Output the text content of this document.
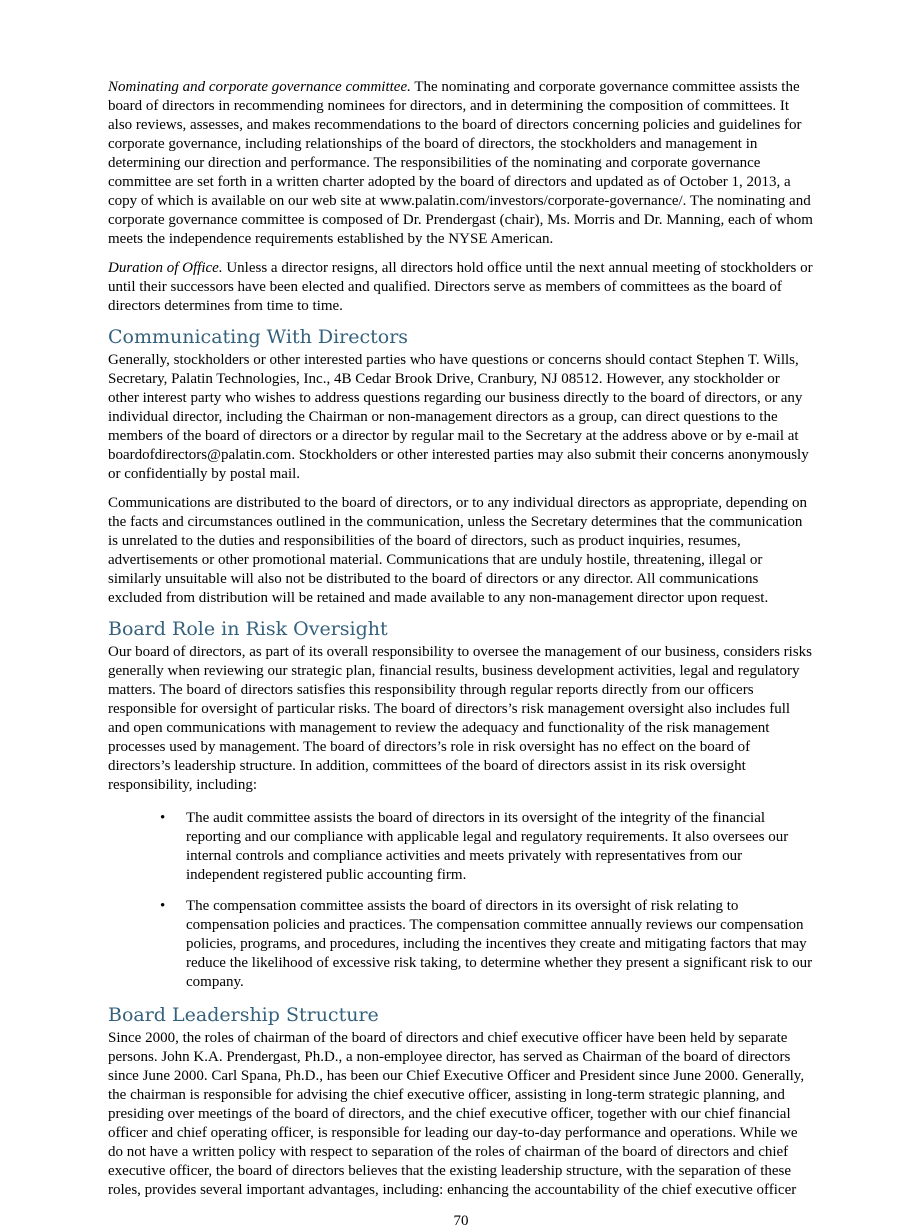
Nominating and corporate governance committee. The nominating and corporate governance committee assists the board of directors in recommending nominees for directors, and in determining the composition of committees. It also reviews, assesses, and makes recommendations to the board of directors concerning policies and guidelines for corporate governance, including relationships of the board of directors, the stockholders and management in determining our direction and performance. The responsibilities of the nominating and corporate governance committee are set forth in a written charter adopted by the board of directors and updated as of October 1, 2013, a copy of which is available on our web site at www.palatin.com/investors/corporate-governance/. The nominating and corporate governance committee is composed of Dr. Prendergast (chair), Ms. Morris and Dr. Manning, each of whom meets the independence requirements established by the NYSE American.

Duration of Office. Unless a director resigns, all directors hold office until the next annual meeting of stockholders or until their successors have been elected and qualified. Directors serve as members of committees as the board of directors determines from time to time.

Communicating With Directors

Generally, stockholders or other interested parties who have questions or concerns should contact Stephen T. Wills, Secretary, Palatin Technologies, Inc., 4B Cedar Brook Drive, Cranbury, NJ 08512. However, any stockholder or other interest party who wishes to address questions regarding our business directly to the board of directors, or any individual director, including the Chairman or non-management directors as a group, can direct questions to the members of the board of directors or a director by regular mail to the Secretary at the address above or by e-mail at boardofdirectors@palatin.com. Stockholders or other interested parties may also submit their concerns anonymously or confidentially by postal mail.

Communications are distributed to the board of directors, or to any individual directors as appropriate, depending on the facts and circumstances outlined in the communication, unless the Secretary determines that the communication is unrelated to the duties and responsibilities of the board of directors, such as product inquiries, resumes, advertisements or other promotional material. Communications that are unduly hostile, threatening, illegal or similarly unsuitable will also not be distributed to the board of directors or any director. All communications excluded from distribution will be retained and made available to any non-management director upon request.

Board Role in Risk Oversight

Our board of directors, as part of its overall responsibility to oversee the management of our business, considers risks generally when reviewing our strategic plan, financial results, business development activities, legal and regulatory matters. The board of directors satisfies this responsibility through regular reports directly from our officers responsible for oversight of particular risks. The board of directors’s risk management oversight also includes full and open communications with management to review the adequacy and functionality of the risk management processes used by management. The board of directors’s role in risk oversight has no effect on the board of directors’s leadership structure. In addition, committees of the board of directors assist in its risk oversight responsibility, including:

• The audit committee assists the board of directors in its oversight of the integrity of the financial reporting and our compliance with applicable legal and regulatory requirements. It also oversees our internal controls and compliance activities and meets privately with representatives from our independent registered public accounting firm.
• The compensation committee assists the board of directors in its oversight of risk relating to compensation policies and practices. The compensation committee annually reviews our compensation policies, programs, and procedures, including the incentives they create and mitigating factors that may reduce the likelihood of excessive risk taking, to determine whether they present a significant risk to our company.
Board Leadership Structure

Since 2000, the roles of chairman of the board of directors and chief executive officer have been held by separate persons. John K.A. Prendergast, Ph.D., a non-employee director, has served as Chairman of the board of directors since June 2000. Carl Spana, Ph.D., has been our Chief Executive Officer and President since June 2000. Generally, the chairman is responsible for advising the chief executive officer, assisting in long-term strategic planning, and presiding over meetings of the board of directors, and the chief executive officer, together with our chief financial officer and chief operating officer, is responsible for leading our day-to-day performance and operations. While we do not have a written policy with respect to separation of the roles of chairman of the board of directors and chief executive officer, the board of directors believes that the existing leadership structure, with the separation of these roles, provides several important advantages, including: enhancing the accountability of the chief executive officer

70
